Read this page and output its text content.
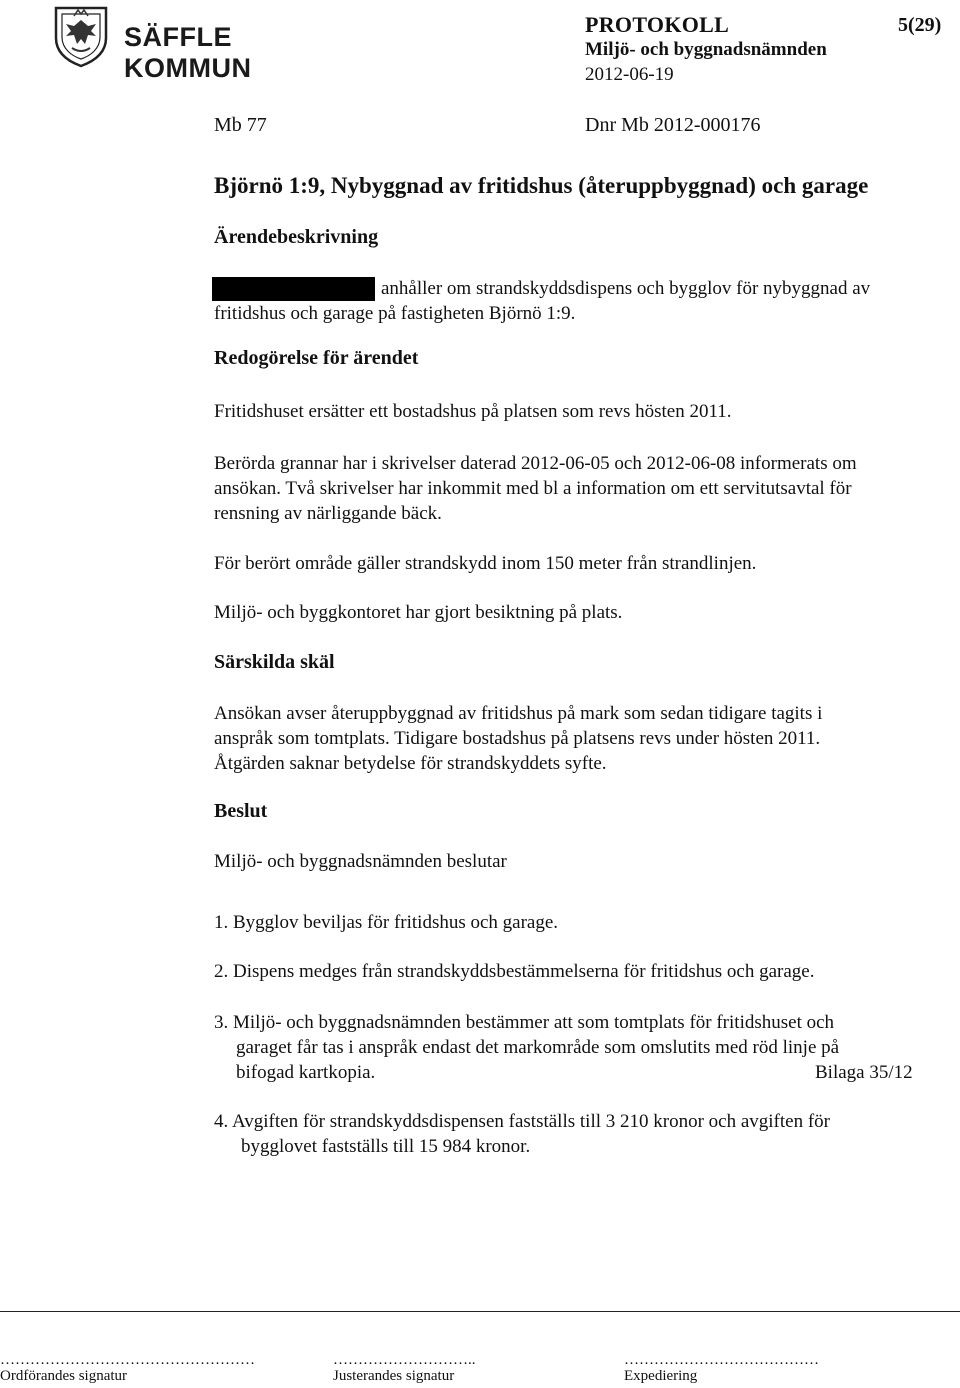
SÄFFLE KOMMUN
PROTOKOLL	5(29)
Miljö- och byggnadsnämnden
2012-06-19
Mb 77	Dnr Mb 2012-000176
Björnö 1:9, Nybyggnad av fritidshus (återuppbyggnad) och garage
Ärendebeskrivning
anhåller om strandskyddsdispens och bygglov för nybyggnad av
fritidshus och garage på fastigheten Björnö 1:9.
Redogörelse för ärendet
Fritidshuset ersätter ett bostadshus på platsen som revs hösten 2011.
Berörda grannar har i skrivelser daterad 2012-06-05 och 2012-06-08 informerats om
ansökan. Två skrivelser har inkommit med bl a information om ett servitutsavtal för
rensning av närliggande bäck.
För berört område gäller strandskydd inom 150 meter från strandlinjen.
Miljö- och byggkontoret har gjort besiktning på plats.
Särskilda skäl
Ansökan avser återuppbyggnad av fritidshus på mark som sedan tidigare tagits i
anspråk som tomtplats. Tidigare bostadshus på platsens revs under hösten 2011.
Åtgärden saknar betydelse för strandskyddets syfte.
Beslut
Miljö- och byggnadsnämnden beslutar
1. Bygglov beviljas för fritidshus och garage.
2. Dispens medges från strandskyddsbestämmelserna för fritidshus och garage.
3. Miljö- och byggnadsnämnden bestämmer att som tomtplats för fritidshuset och
garaget får tas i anspråk endast det markområde som omslutits med röd linje på
bifogad kartkopia.	Bilaga 35/12
4. Avgiften för strandskyddsdispensen fastställs till 3 210 kronor och avgiften för
bygglovet fastställs till 15 984 kronor.
……………………………………………	………………………..	…………………………………
Ordförandes signatur	Justerandes signatur	Expediering
